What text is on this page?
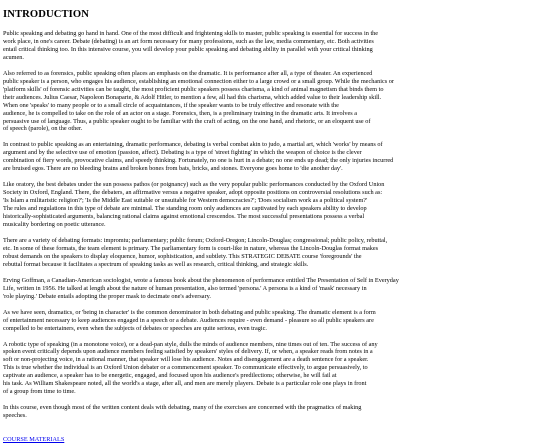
INTRODUCTION

Public speaking and debating go hand in hand. One of the most difficult and frightening skills to master, public speaking is essential for success in the
work place, in one's career. Debate (debating) is an art form necessary for many professions, such as the law, media commentary, etc. Both activities
entail critical thinking too. In this intensive course, you will develop your public speaking and debating ability in parallel with your critical thinking
acumen.

Also referred to as forensics, public speaking often places an emphasis on the dramatic. It is performance after all, a type of theater. An experienced
public speaker is a person, who engages his audience, establishing an emotional connection either to a large crowd or a small group. While the mechanics or
'platform skills' of forensic activities can be taught, the most proficient public speakers possess charisma, a kind of animal magnetism that binds them to
their audiences. Julius Caesar, Napoleon Bonaparte, & Adolf Hitler, to mention a few, all had this charisma, which added value to their leadership skill.
When one 'speaks' to many people or to a small circle of acquaintances, if the speaker wants to be truly effective and resonate with the
audience, he is compelled to take on the role of an actor on a stage. Forensics, then, is a preliminary training in the dramatic arts. It involves a
persuasive use of language. Thus, a public speaker ought to be familiar with the craft of acting, on the one hand, and rhetoric, or an eloquent use of
of speech (parole), on the other.

In contrast to public speaking as an entertaining, dramatic performance, debating is verbal combat akin to judo, a martial art, which 'works' by means of
argument and by the selective use of emotion (passion, affect). Debating is a type of 'street fighting' in which the weapon of choice is the clever
combination of fiery words, provocative claims, and speedy thinking. Fortunately, no one is hurt in a debate; no one ends up dead; the only injuries incurred
are bruised egos. There are no bleeding brains and broken bones from bats, bricks, and stones. Everyone goes home to 'die another day'.

Like oratory, the best debates under the sun possess pathos (or poignancy) such as the very popular public performances conducted by the Oxford Union
Society in Oxford, England. There, the debaters, an affirmative versus a negative speaker, adopt opposite positions on controversial resolutions such as:
'Is Islam a militaristic religion?'; 'Is the Middle East suitable or unsuitable for Western democracies?'; 'Does socialism work as a political system?'
The rules and regulations in this type of debate are minimal. The standing room only audiences are captivated by each speakers ability to develop
historically-sophisticated arguments, balancing rational claims against emotional crescendos. The most successful presentations possess a verbal
musicality bordering on poetic utterance.

There are a variety of debating formats: impromtu; parliamentary; public forum; Oxford-Oregon; Lincoln-Douglas; congressional; public policy, rebuttal,
etc. In some of these formats, the team element is primary. The parliamentary form is court-like in nature, whereas the Lincoln-Douglas format makes
robust demands on the speakers to display eloquence, humor, sophistication, and subtlety. This STRATEGIC DEBATE course 'foregrounds' the
rebuttal format because it facilitates a spectrum of speaking tasks as well as research, critical thinking, and strategic skills.

Erving Goffman, a Canadian-American sociologist, wrote a famous book about the phenomenon of performance entitled The Presentation of Self in Everyday
Life, written in 1956. He talked at length about the nature of human presentation, also termed 'persona.' A persona is a kind of 'mask' necessary in
'role playing.' Debate entails adopting the proper mask to decimate one's adversary.

As we have seen, dramatics, or 'being in character' is the common denominator in both debating and public speaking. The dramatic element is a form
of entertainment necessary to keep audiences engaged in a speech or a debate. Audiences require - even demand - pleasure so all public speakers are
compelled to be entertainers, even when the subjects of debates or speeches are quite serious, even tragic.

A robotic type of speaking (in a monotone voice), or a dead-pan style, dulls the minds of audience members, nine times out of ten. The success of any
spoken event critically depends upon audience members feeling satisfied by speakers' styles of delivery. If, or when, a speaker reads from notes in a
soft or non-projecting voice, in a rational manner, that speaker will lose his audience. Notes and disengagement are a death sentence for a speaker.
This is true whether the individual is an Oxford Union debater or a commencement speaker. To communicate effectively, to argue persuasively, to
captivate an audience, a speaker has to be energetic, engaged, and focused upon his audience's predilections; otherwise, he will fail at
his task. As William Shakespeare noted, all the world's a stage, after all, and men are merely players. Debate is a particular role one plays in front
of a group from time to time.

In this course, even though most of the written content deals with debating, many of the exercises are concerned with the pragmatics of making
speeches.

COURSE MATERIALS
